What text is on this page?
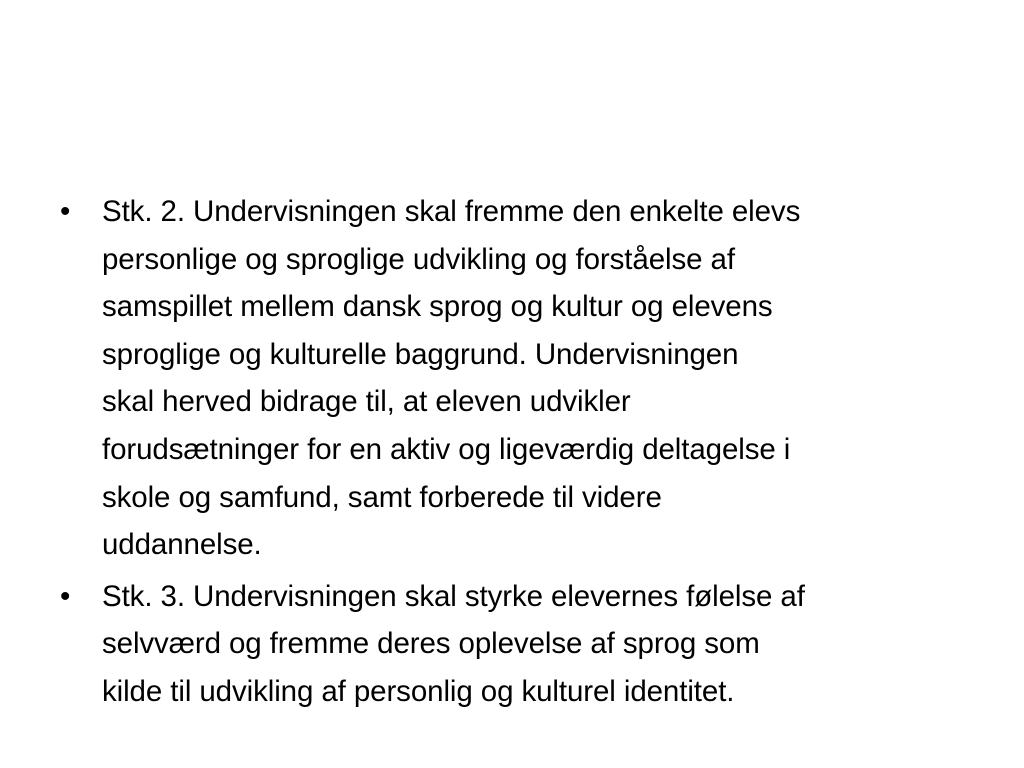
•	Stk. 2. Undervisningen skal fremme den enkelte elevs
personlige og sproglige udvikling og forståelse af
samspillet mellem dansk sprog og kultur og elevens
sproglige og kulturelle baggrund. Undervisningen
skal herved bidrage til, at eleven udvikler
forudsætninger for en aktiv og ligeværdig deltagelse i
skole og samfund, samt forberede til videre
uddannelse.
•	Stk. 3. Undervisningen skal styrke elevernes følelse af
selvværd og fremme deres oplevelse af sprog som
kilde til udvikling af personlig og kulturel identitet.
